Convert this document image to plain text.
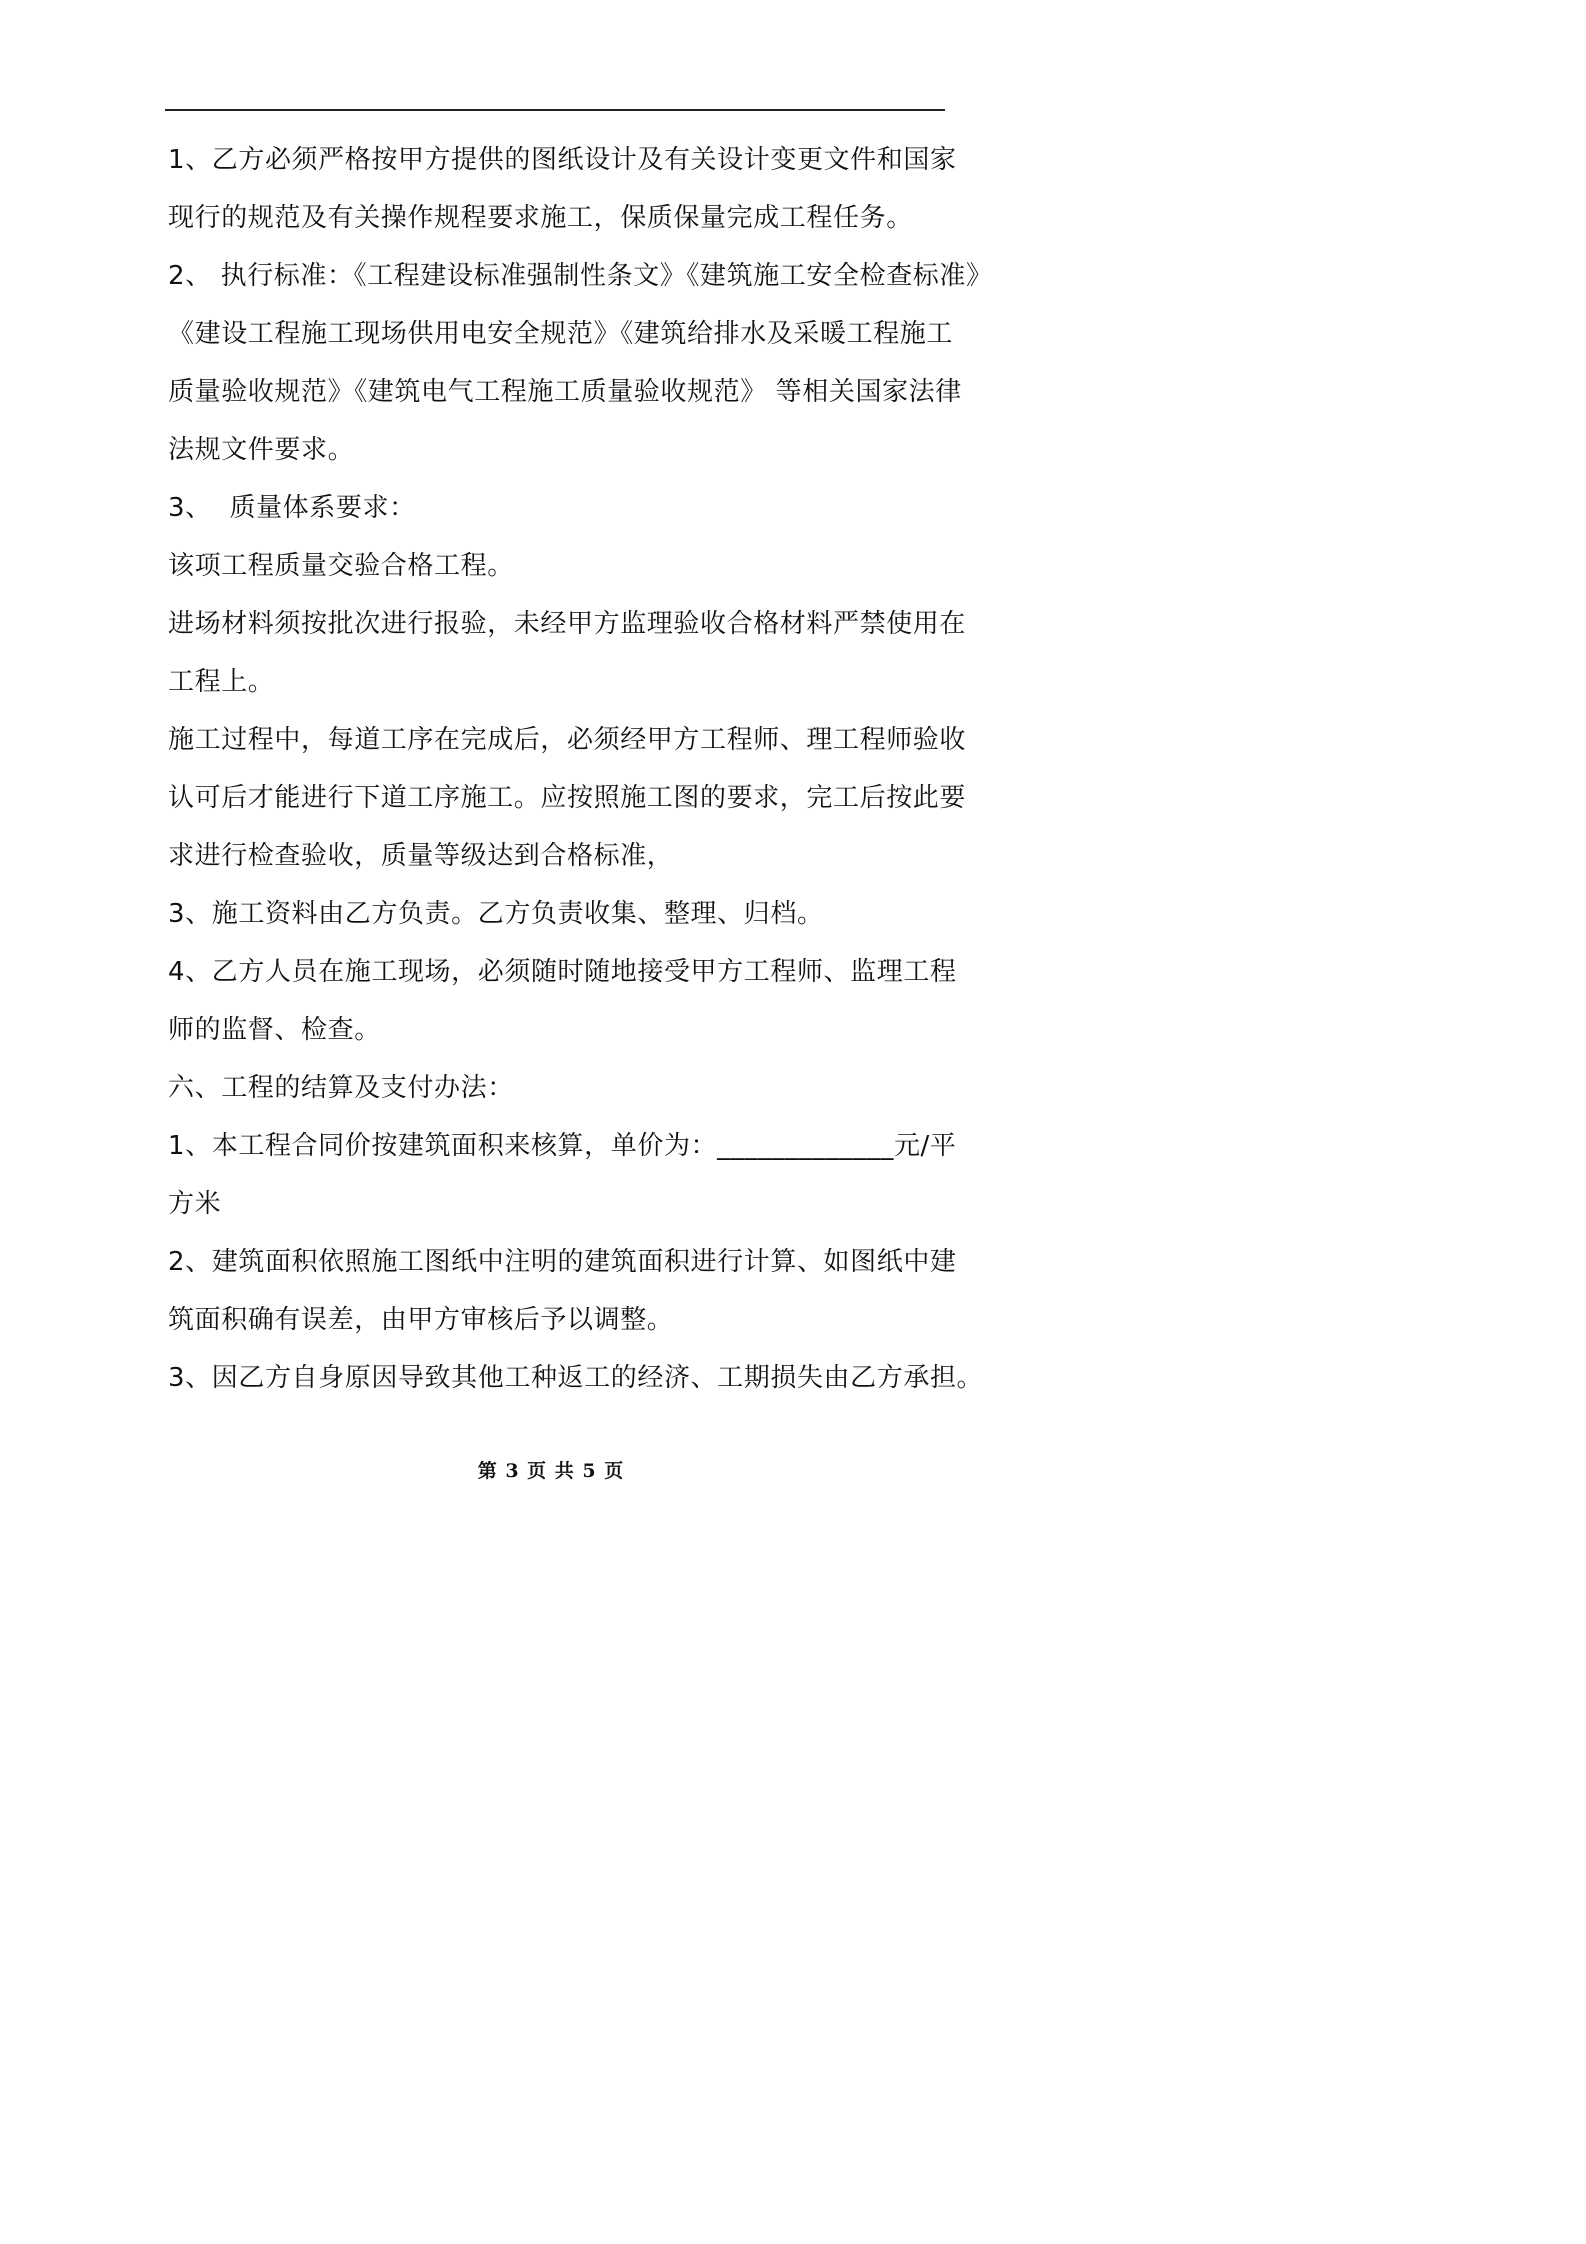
1、乙方必须严格按甲方提供的图纸设计及有关设计变更文件和国家
现行的规范及有关操作规程要求施工，保质保量完成工程任务。
2、 执行标准：《工程建设标准强制性条文》《建筑施工安全检查标准》
《建设工程施工现场供用电安全规范》《建筑给排水及采暖工程施工
质量验收规范》《建筑电气工程施工质量验收规范》 等相关国家法律
法规文件要求。
3、  质量体系要求：
该项工程质量交验合格工程。
进场材料须按批次进行报验，未经甲方监理验收合格材料严禁使用在
工程上。
施工过程中，每道工序在完成后，必须经甲方工程师、理工程师验收
认可后才能进行下道工序施工。应按照施工图的要求，完工后按此要
求进行检查验收，质量等级达到合格标准，
3、施工资料由乙方负责。乙方负责收集、整理、归档。
4、乙方人员在施工现场，必须随时随地接受甲方工程师、监理工程
师的监督、检查。
六、工程的结算及支付办法：
1、本工程合同价按建筑面积来核算，单价为：_____________元/平
方米
2、建筑面积依照施工图纸中注明的建筑面积进行计算、如图纸中建
筑面积确有误差，由甲方审核后予以调整。
3、因乙方自身原因导致其他工种返工的经济、工期损失由乙方承担。
第 3 页 共 5 页
